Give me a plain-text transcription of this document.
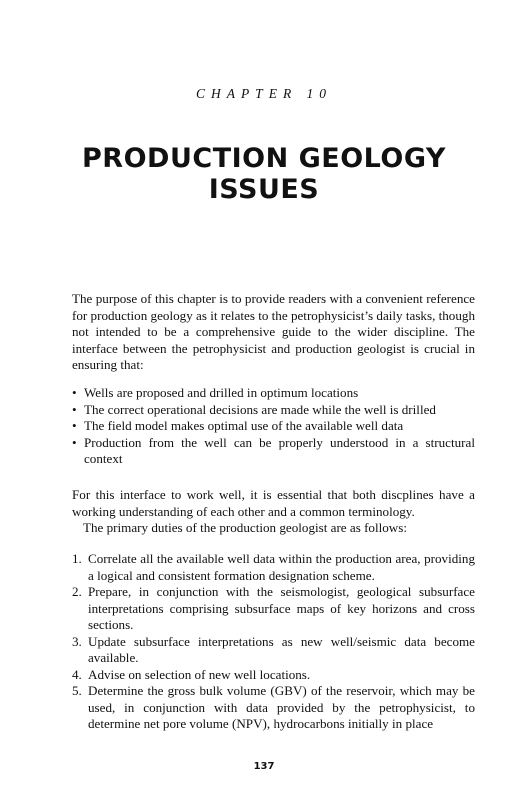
CHAPTER 10
PRODUCTION GEOLOGY
ISSUES

The purpose of this chapter is to provide readers with a convenient reference for production geology as it relates to the petrophysicist’s daily tasks, though not intended to be a comprehensive guide to the wider discipline. The interface between the petrophysicist and production geologist is crucial in ensuring that:

• Wells are proposed and drilled in optimum locations
• The correct operational decisions are made while the well is drilled
• The field model makes optimal use of the available well data
• Production from the well can be properly understood in a structural context

For this interface to work well, it is essential that both discplines have a working understanding of each other and a common terminology.

The primary duties of the production geologist are as follows:

1. Correlate all the available well data within the production area, providing a logical and consistent formation designation scheme.
2. Prepare, in conjunction with the seismologist, geological subsurface interpretations comprising subsurface maps of key horizons and cross sections.
3. Update subsurface interpretations as new well/seismic data become available.
4. Advise on selection of new well locations.
5. Determine the gross bulk volume (GBV) of the reservoir, which may be used, in conjunction with data provided by the petrophysicist, to determine net pore volume (NPV), hydrocarbons initially in place
137
